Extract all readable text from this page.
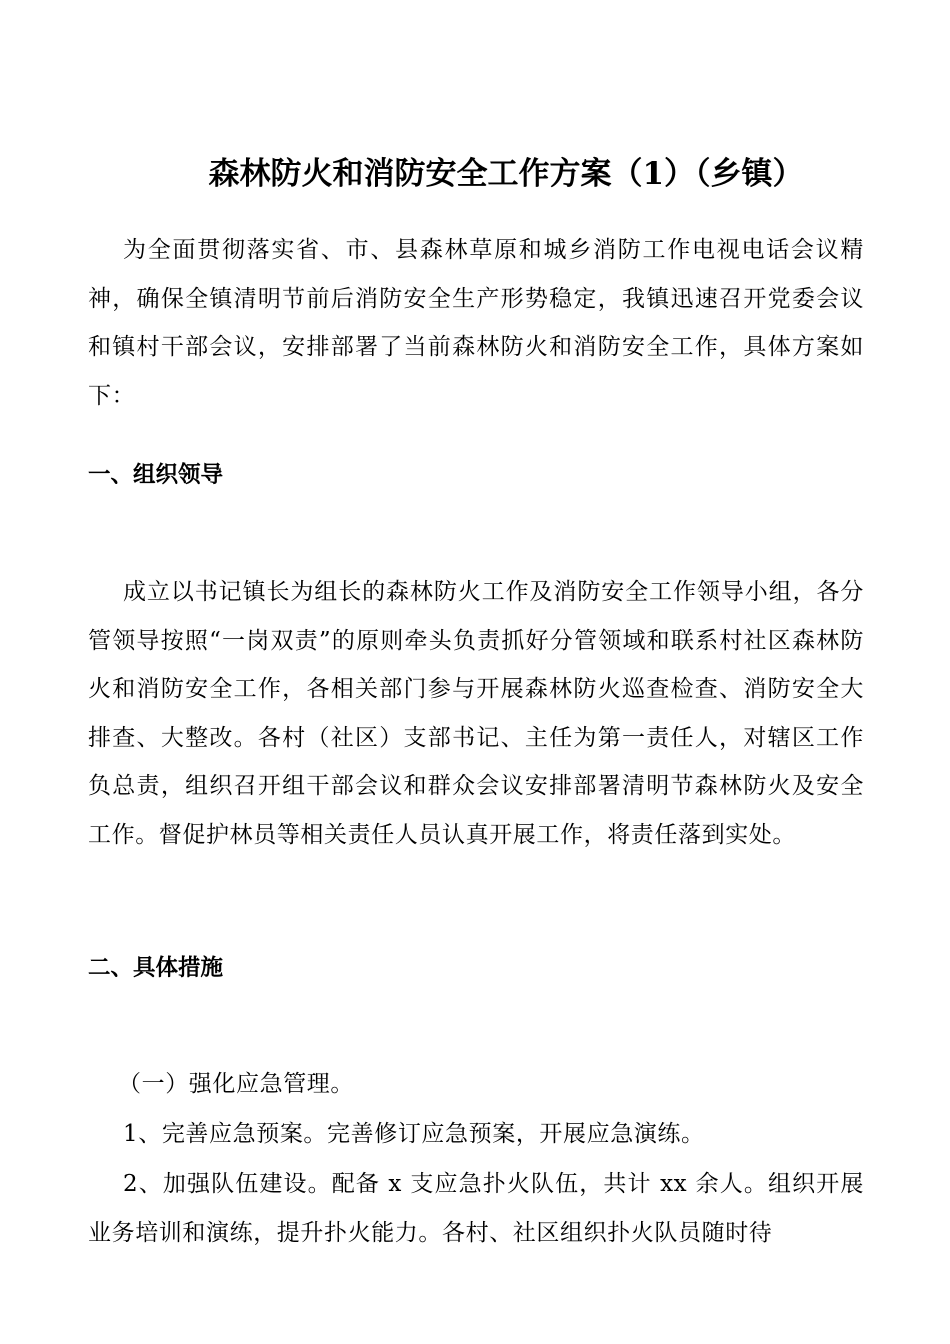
森林防火和消防安全工作方案（1）（乡镇）

为全面贯彻落实省、市、县森林草原和城乡消防工作电视电话会议精神，确保全镇清明节前后消防安全生产形势稳定，我镇迅速召开党委会议和镇村干部会议，安排部署了当前森林防火和消防安全工作，具体方案如下：

一、组织领导

成立以书记镇长为组长的森林防火工作及消防安全工作领导小组，各分管领导按照“一岗双责”的原则牵头负责抓好分管领域和联系村社区森林防火和消防安全工作，各相关部门参与开展森林防火巡查检查、消防安全大排查、大整改。各村（社区）支部书记、主任为第一责任人，对辖区工作负总责，组织召开组干部会议和群众会议安排部署清明节森林防火及安全工作。督促护林员等相关责任人员认真开展工作，将责任落到实处。

二、具体措施

（一）强化应急管理。

1、完善应急预案。完善修订应急预案，开展应急演练。

2、加强队伍建设。配备 x 支应急扑火队伍，共计 xx 余人。组织开展业务培训和演练，提升扑火能力。各村、社区组织扑火队员随时待
